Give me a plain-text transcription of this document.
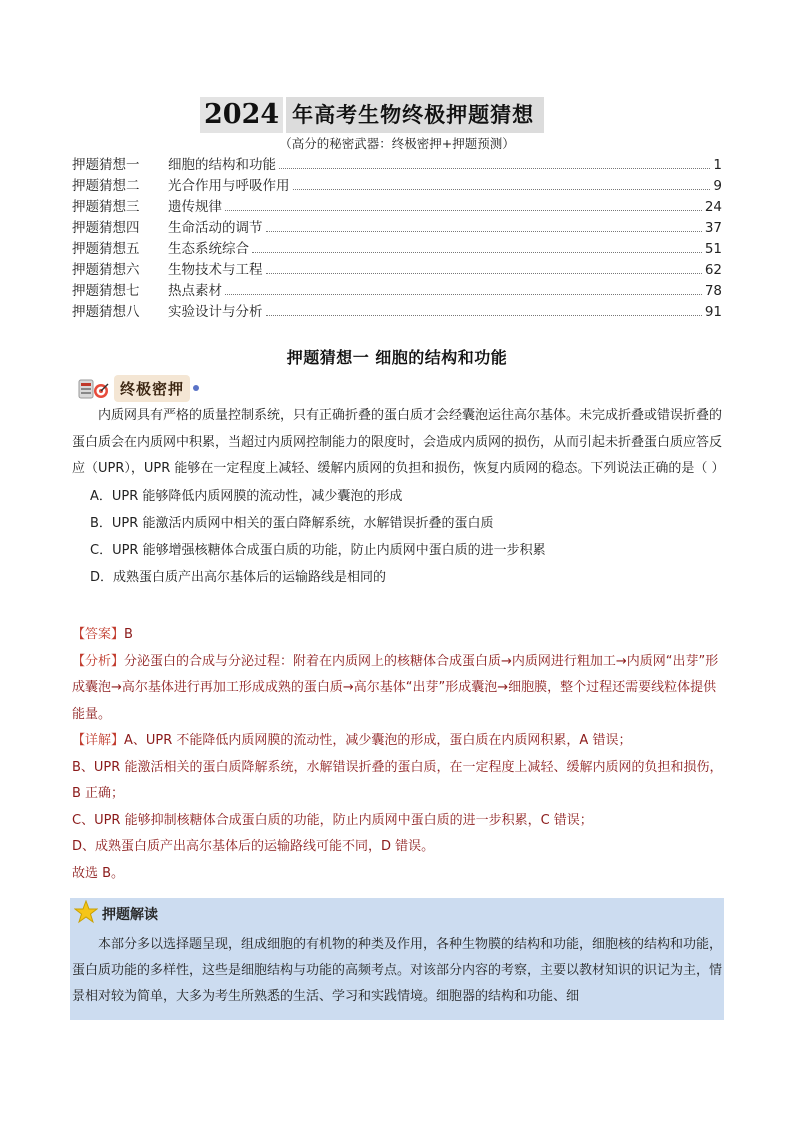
2024 年高考生物终极押题猜想
（高分的秘密武器：终极密押+押题预测）
押题猜想一	细胞的结构和功能	1
押题猜想二	光合作用与呼吸作用	9
押题猜想三	遗传规律	24
押题猜想四	生命活动的调节	37
押题猜想五	生态系统综合	51
押题猜想六	生物技术与工程	62
押题猜想七	热点素材	78
押题猜想八	实验设计与分析	91
押题猜想一 细胞的结构和功能
终极密押

内质网具有严格的质量控制系统，只有正确折叠的蛋白质才会经囊泡运往高尔基体。未完成折叠或错误折叠的蛋白质会在内质网中积累，当超过内质网控制能力的限度时，会造成内质网的损伤，从而引起未折叠蛋白质应答反应（UPR），UPR 能够在一定程度上减轻、缓解内质网的负担和损伤，恢复内质网的稳态。下列说法正确的是（ ）

A．UPR 能够降低内质网膜的流动性，减少囊泡的形成

B．UPR 能激活内质网中相关的蛋白降解系统，水解错误折叠的蛋白质

C．UPR 能够增强核糖体合成蛋白质的功能，防止内质网中蛋白质的进一步积累

D．成熟蛋白质产出高尔基体后的运输路线是相同的

【答案】B

【分析】分泌蛋白的合成与分泌过程：附着在内质网上的核糖体合成蛋白质→内质网进行粗加工→内质网“出芽”形成囊泡→高尔基体进行再加工形成成熟的蛋白质→高尔基体“出芽”形成囊泡→细胞膜，整个过程还需要线粒体提供能量。

【详解】A、UPR 不能降低内质网膜的流动性，减少囊泡的形成，蛋白质在内质网积累，A 错误；

B、UPR 能激活相关的蛋白质降解系统，水解错误折叠的蛋白质，在一定程度上减轻、缓解内质网的负担和损伤，B 正确；

C、UPR 能够抑制核糖体合成蛋白质的功能，防止内质网中蛋白质的进一步积累，C 错误；

D、成熟蛋白质产出高尔基体后的运输路线可能不同，D 错误。

故选 B。

押题解读

本部分多以选择题呈现，组成细胞的有机物的种类及作用，各种生物膜的结构和功能，细胞核的结构和功能，蛋白质功能的多样性，这些是细胞结构与功能的高频考点。对该部分内容的考察，主要以教材知识的识记为主，情景相对较为简单，大多为考生所熟悉的生活、学习和实践情境。细胞器的结构和功能、细
